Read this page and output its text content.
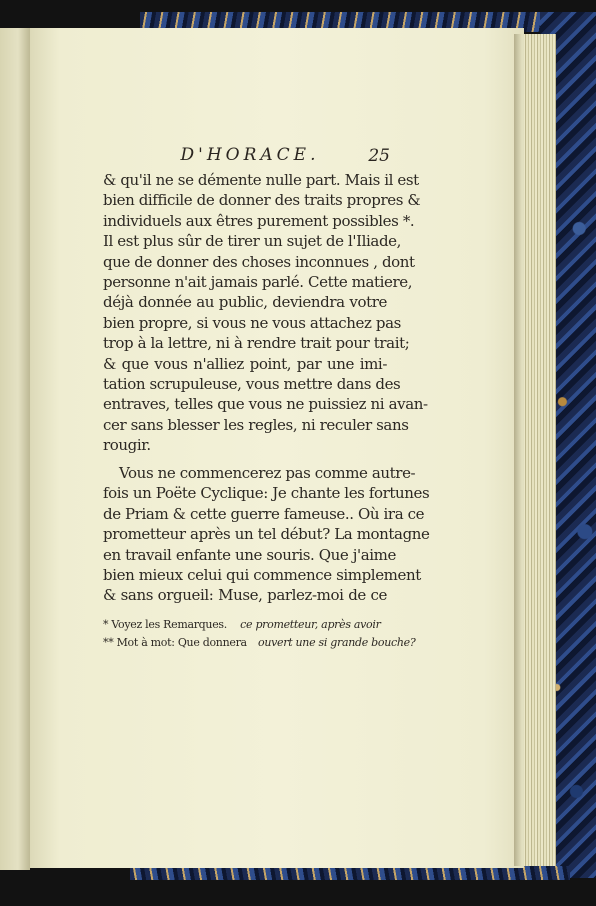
D'HORACE.	25
& qu'il ne se démente nulle part. Mais il est
bien difficile de donner des traits propres &
individuels aux êtres purement possibles *.
Il est plus sûr de tirer un sujet de l'Iliade,
que de donner des choses inconnues , dont
personne n'ait jamais parlé. Cette matiere,
déjà donnée au public, deviendra votre
bien propre, si vous ne vous attachez pas
trop à la lettre, ni à rendre trait pour trait;
& que vous n'alliez point, par une imi-
tation scrupuleuse, vous mettre dans des
entraves, telles que vous ne puissiez ni avan-
cer sans blesser les regles, ni reculer sans
rougir.
Vous ne commencerez pas comme autre-
fois un Poëte Cyclique: Je chante les fortunes
de Priam & cette guerre fameuse.. Où ira ce
prometteur après un tel début? La montagne
en travail enfante une souris. Que j'aime
bien mieux celui qui commence simplement
& sans orgueil: Muse, parlez-moi de ce
* Voyez les Remarques. ce prometteur, après avoir
** Mot à mot: Que donnera ouvert une si grande bouche?
